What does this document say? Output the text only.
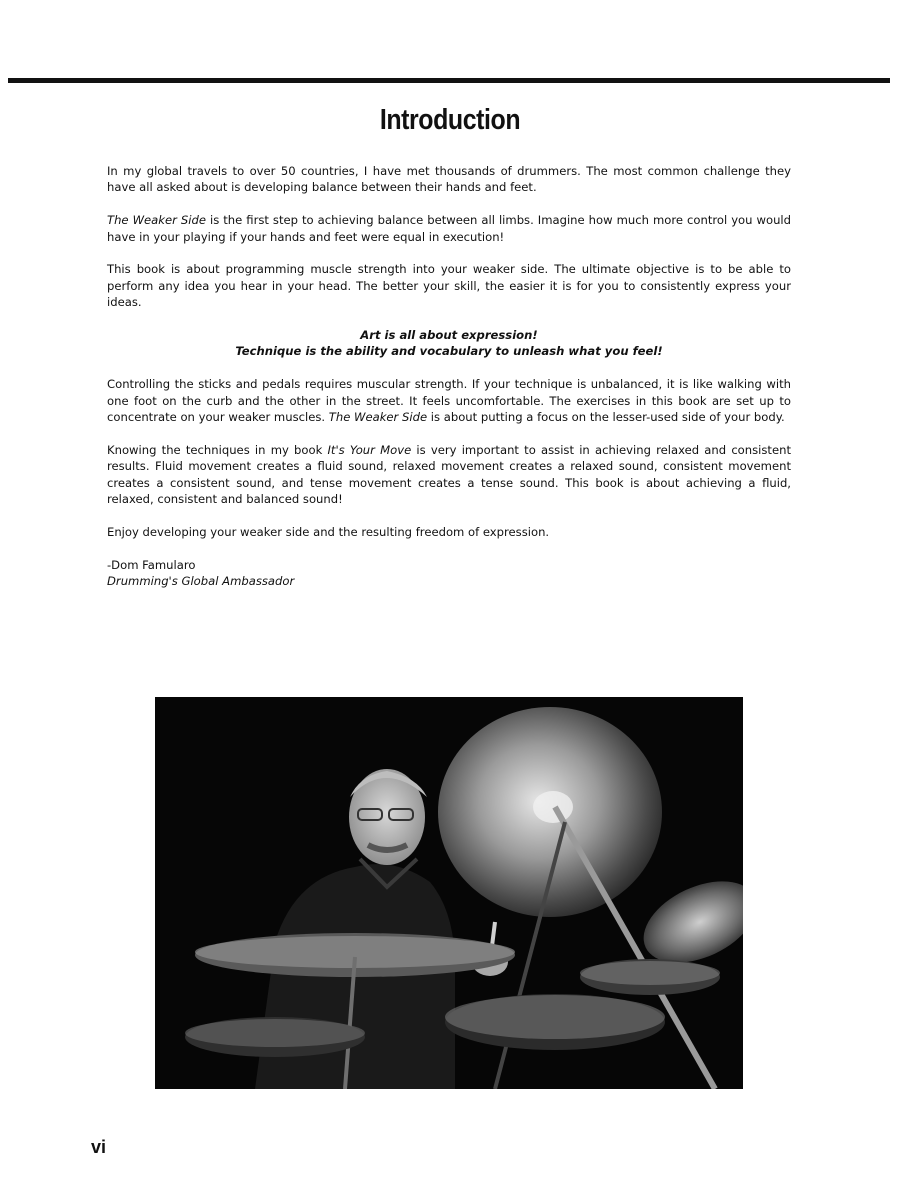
Introduction

In my global travels to over 50 countries, I have met thousands of drummers. The most common challenge they have all asked about is developing balance between their hands and feet.

The Weaker Side is the first step to achieving balance between all limbs. Imagine how much more control you would have in your playing if your hands and feet were equal in execution!

This book is about programming muscle strength into your weaker side. The ultimate objective is to be able to perform any idea you hear in your head. The better your skill, the easier it is for you to consistently express your ideas.

Art is all about expression!
Technique is the ability and vocabulary to unleash what you feel!

Controlling the sticks and pedals requires muscular strength. If your technique is unbalanced, it is like walking with one foot on the curb and the other in the street. It feels uncomfortable. The exercises in this book are set up to concentrate on your weaker muscles. The Weaker Side is about putting a focus on the lesser-used side of your body.

Knowing the techniques in my book It's Your Move is very important to assist in achieving relaxed and consistent results. Fluid movement creates a fluid sound, relaxed movement creates a relaxed sound, consistent movement creates a consistent sound, and tense movement creates a tense sound. This book is about achieving a fluid, relaxed, consistent and balanced sound!

Enjoy developing your weaker side and the resulting freedom of expression.

-Dom Famularo
Drumming's Global Ambassador
vi
